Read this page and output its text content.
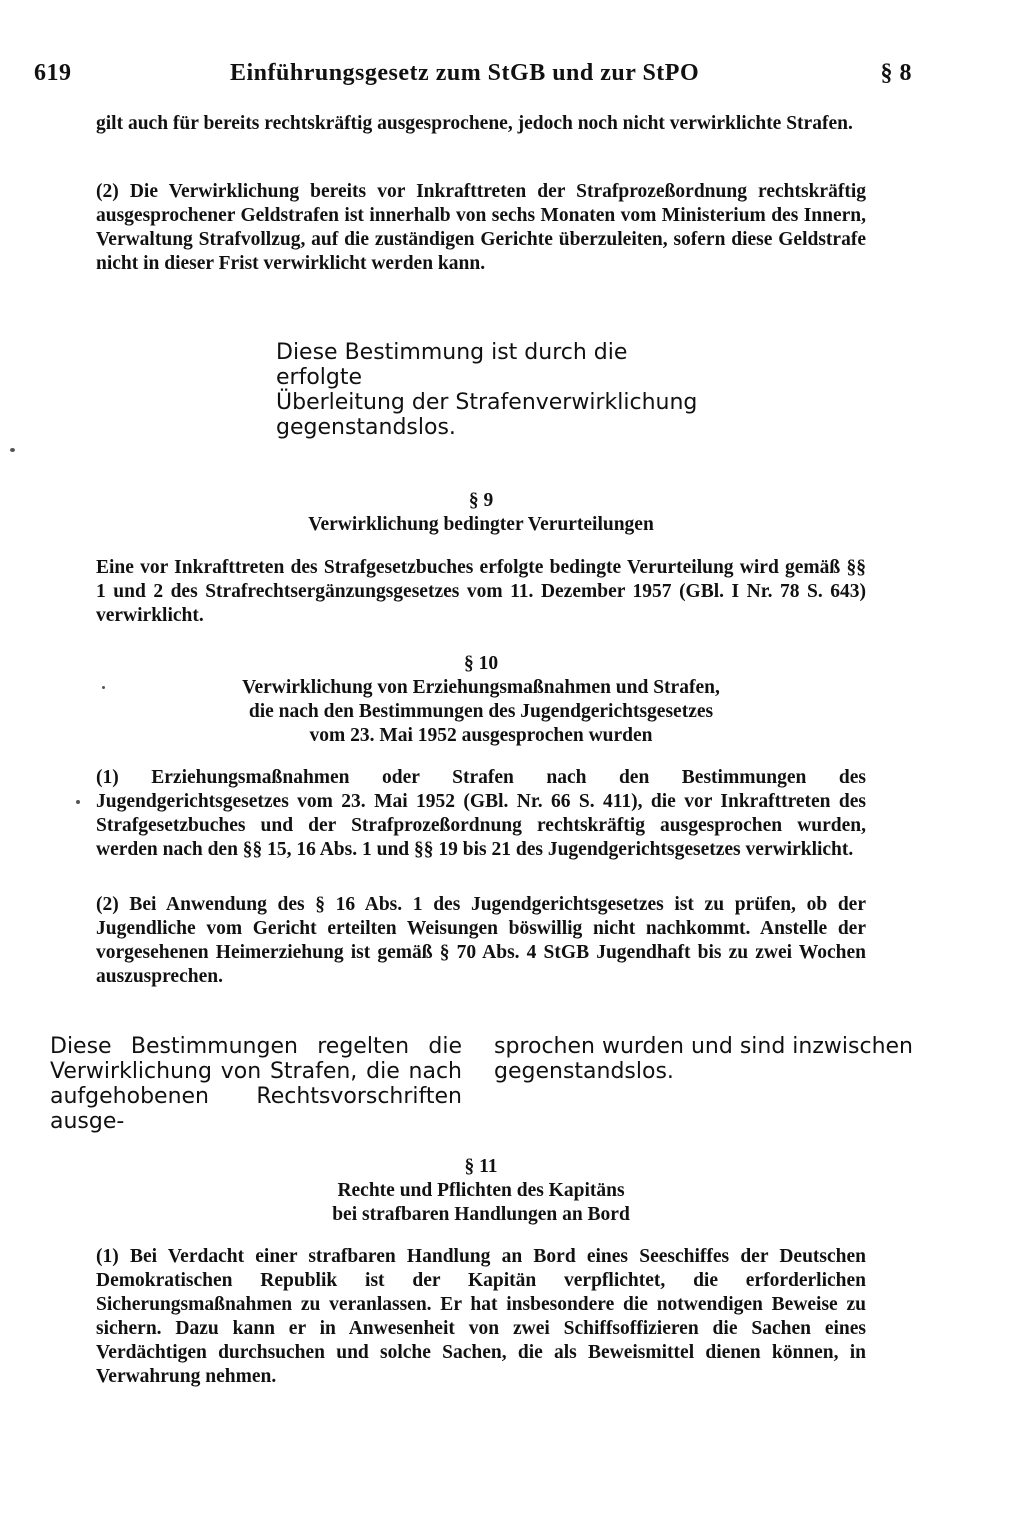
619	Einführungsgesetz zum StGB und zur StPO	§ 8

gilt auch für bereits rechtskräftig ausgesprochene, jedoch noch nicht verwirklichte Strafen.

(2) Die Verwirklichung bereits vor Inkrafttreten der Strafprozeßordnung rechtskräftig ausgesprochener Geldstrafen ist innerhalb von sechs Monaten vom Ministerium des Innern, Verwaltung Strafvollzug, auf die zuständigen Gerichte überzuleiten, sofern diese Geldstrafe nicht in dieser Frist verwirklicht werden kann.

Diese Bestimmung ist durch die erfolgte
Überleitung der Strafenverwirklichung
gegenstandslos.
§ 9
Verwirklichung bedingter Verurteilungen

Eine vor Inkrafttreten des Strafgesetzbuches erfolgte bedingte Verurteilung wird gemäß §§ 1 und 2 des Strafrechtsergänzungsgesetzes vom 11. Dezember 1957 (GBl. I Nr. 78 S. 643) verwirklicht.

§ 10
Verwirklichung von Erziehungsmaßnahmen und Strafen,
die nach den Bestimmungen des Jugendgerichtsgesetzes
vom 23. Mai 1952 ausgesprochen wurden

(1) Erziehungsmaßnahmen oder Strafen nach den Bestimmungen des Jugendgerichtsgesetzes vom 23. Mai 1952 (GBl. Nr. 66 S. 411), die vor Inkrafttreten des Strafgesetzbuches und der Strafprozeßordnung rechtskräftig ausgesprochen wurden, werden nach den §§ 15, 16 Abs. 1 und §§ 19 bis 21 des Jugendgerichtsgesetzes verwirklicht.

(2) Bei Anwendung des § 16 Abs. 1 des Jugendgerichtsgesetzes ist zu prüfen, ob der Jugendliche vom Gericht erteilten Weisungen böswillig nicht nachkommt. Anstelle der vorgesehenen Heimerziehung ist gemäß § 70 Abs. 4 StGB Jugendhaft bis zu zwei Wochen auszusprechen.

Diese Bestimmungen regelten die Verwirklichung von Strafen, die nach aufgehobenen Rechtsvorschriften ausge-

sprochen wurden und sind inzwischen gegenstandslos.

§ 11
Rechte und Pflichten des Kapitäns
bei strafbaren Handlungen an Bord

(1) Bei Verdacht einer strafbaren Handlung an Bord eines Seeschiffes der Deutschen Demokratischen Republik ist der Kapitän verpflichtet, die erforderlichen Sicherungsmaßnahmen zu veranlassen. Er hat insbesondere die notwendigen Beweise zu sichern. Dazu kann er in Anwesenheit von zwei Schiffsoffizieren die Sachen eines Verdächtigen durchsuchen und solche Sachen, die als Beweismittel dienen können, in Verwahrung nehmen.
